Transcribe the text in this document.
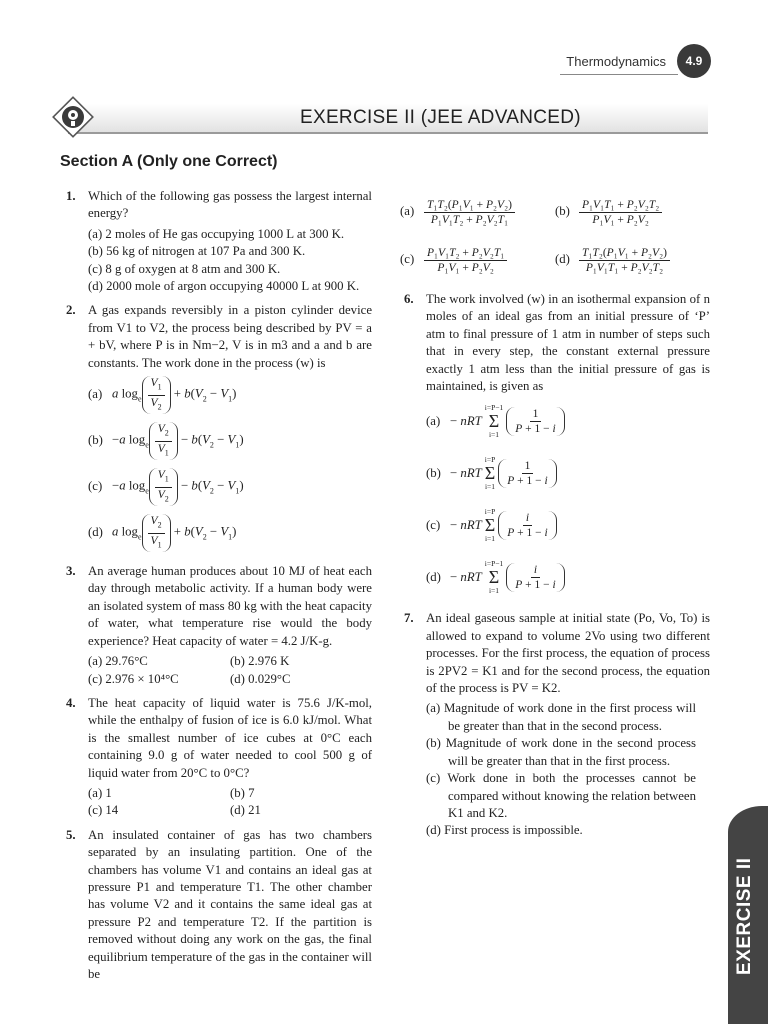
Thermodynamics	4.9
EXERCISE II (JEE ADVANCED)
Section A (Only one Correct)
1. Which of the following gas possess the largest internal energy?
(a) 2 moles of He gas occupying 1000 L at 300 K.
(b) 56 kg of nitrogen at 107 Pa and 300 K.
(c) 8 g of oxygen at 8 atm and 300 K.
(d) 2000 mole of argon occupying 40000 L at 900 K.
2. A gas expands reversibly in a piston cylinder device from V1 to V2, the process being described by PV = a + bV, where P is in Nm−2, V is in m3 and a and b are constants. The work done in the process (w) is
(a) a $\log_e \frac{V_1}{V_2} + b(V_2 - V_1)$
(b) −a $\log_e \frac{V_2}{V_1} - b(V_2 - V_1)$
(c) −a $\log_e \frac{V_1}{V_2} - b(V_2 - V_1)$
(d) a $\log_e \frac{V_2}{V_1} + b(V_2 - V_1)$
3. An average human produces about 10 MJ of heat each day through metabolic activity. If a human body were an isolated system of mass 80 kg with the heat capacity of water, what temperature rise would the body experience? Heat capacity of water = 4.2 J/K-g.
(a) 29.76°C	(b) 2.976 K
(c) 2.976 × 10⁴°C	(d) 0.029°C
4. The heat capacity of liquid water is 75.6 J/K-mol, while the enthalpy of fusion of ice is 6.0 kJ/mol. What is the smallest number of ice cubes at 0°C each containing 9.0 g of water needed to cool 500 g of liquid water from 20°C to 0°C?
(a) 1	(b) 7
(c) 14	(d) 21
5. An insulated container of gas has two chambers separated by an insulating partition. One of the chambers has volume V1 and contains an ideal gas at pressure P1 and temperature T1. The other chamber has volume V2 and it contains the same ideal gas at pressure P2 and temperature T2. If the partition is removed without doing any work on the gas, the final equilibrium temperature of the gas in the container will be
$(a) \frac{\text{T₁T₂(P₁V₁ + P₂V₂)}}{\text{P₁V₁T₂ + P₂V₂T₁}}$	$(b) \frac{\text{P₁V₁T₁ + P₂V₂T₂}}{\text{P₁V₁ + P₂V₂}}$
$(c) \frac{\text{P₁V₁T₂ + P₂V₂T₁}}{\text{P₁V₁ + P₂V₂}}$	$(d) \frac{\text{T₁T₂(P₁V₁ + P₂V₂)}}{\text{P₁V₁T₁ + P₂V₂T₂}}$
6. The work involved (w) in an isothermal expansion of n moles of an ideal gas from an initial pressure of ‘P’ atm to final pressure of 1 atm in number of steps such that in every step, the constant external pressure exactly 1 atm less than the initial pressure of gas is maintained, is given as
(a) − nRT
i=P−1
Σ
$i=1 \frac{1}{P + 1 - i}$
(b) − nRT
i=P
Σ
$i=1 \frac{1}{P + 1 - i}$
(c) − nRT
i=P
Σ
$i=1 \frac{i}{P + 1 - i}$
(d) − nRT
i=P−1
Σ
$i=1 \frac{i}{P + 1 - i}$
7. An ideal gaseous sample at initial state (Po, Vo, To) is allowed to expand to volume 2Vo using two different processes. For the first process, the equation of process is 2PV2 = K1 and for the second process, the equation of the process is PV = K2.
(a) Magnitude of work done in the first process will be greater than that in the second process.
(b) Magnitude of work done in the second process will be greater than that in the first process.
(c) Work done in both the processes cannot be compared without knowing the relation between K1 and K2.
(d) First process is impossible.
EXERCISE II
